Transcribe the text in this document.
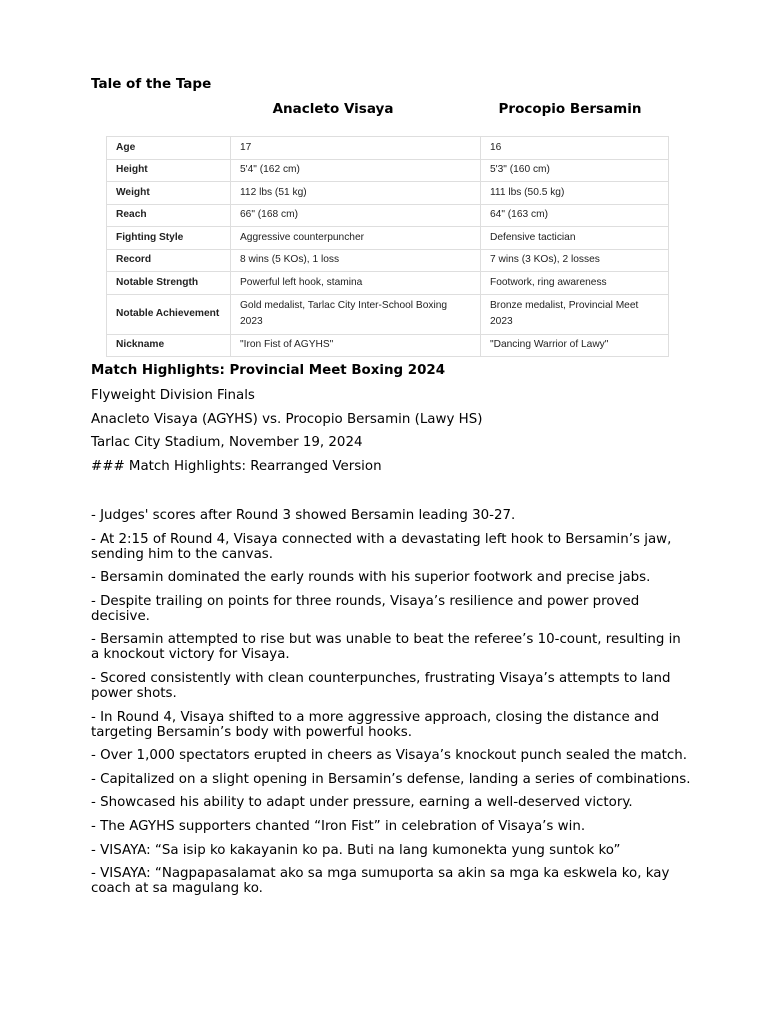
Tale of the Tape
Anacleto Visaya	Procopio Bersamin
Age	17	16
Height	5'4" (162 cm)	5'3" (160 cm)
Weight	112 lbs (51 kg)	111 lbs (50.5 kg)
Reach	66" (168 cm)	64" (163 cm)
Fighting Style	Aggressive counterpuncher	Defensive tactician
Record	8 wins (5 KOs), 1 loss	7 wins (3 KOs), 2 losses
Notable Strength	Powerful left hook, stamina	Footwork, ring awareness
Notable Achievement	Gold medalist, Tarlac City Inter-School Boxing 2023	Bronze medalist, Provincial Meet 2023
Nickname	"Iron Fist of AGYHS"	"Dancing Warrior of Lawy"
Match Highlights: Provincial Meet Boxing 2024
Flyweight Division Finals
Anacleto Visaya (AGYHS) vs. Procopio Bersamin (Lawy HS)
Tarlac City Stadium, November 19, 2024
### Match Highlights: Rearranged Version
- Judges' scores after Round 3 showed Bersamin leading 30-27.
- At 2:15 of Round 4, Visaya connected with a devastating left hook to Bersamin’s jaw, sending him to the canvas.
- Bersamin dominated the early rounds with his superior footwork and precise jabs.
- Despite trailing on points for three rounds, Visaya’s resilience and power proved decisive.
- Bersamin attempted to rise but was unable to beat the referee’s 10-count, resulting in a knockout victory for Visaya.
- Scored consistently with clean counterpunches, frustrating Visaya’s attempts to land power shots.
- In Round 4, Visaya shifted to a more aggressive approach, closing the distance and targeting Bersamin’s body with powerful hooks.
- Over 1,000 spectators erupted in cheers as Visaya’s knockout punch sealed the match.
- Capitalized on a slight opening in Bersamin’s defense, landing a series of combinations.
- Showcased his ability to adapt under pressure, earning a well-deserved victory.
- The AGYHS supporters chanted “Iron Fist” in celebration of Visaya’s win.
- VISAYA: “Sa isip ko kakayanin ko pa. Buti na lang kumonekta yung suntok ko”
- VISAYA: “Nagpapasalamat ako sa mga sumuporta sa akin sa mga ka eskwela ko, kay coach at sa magulang ko.
